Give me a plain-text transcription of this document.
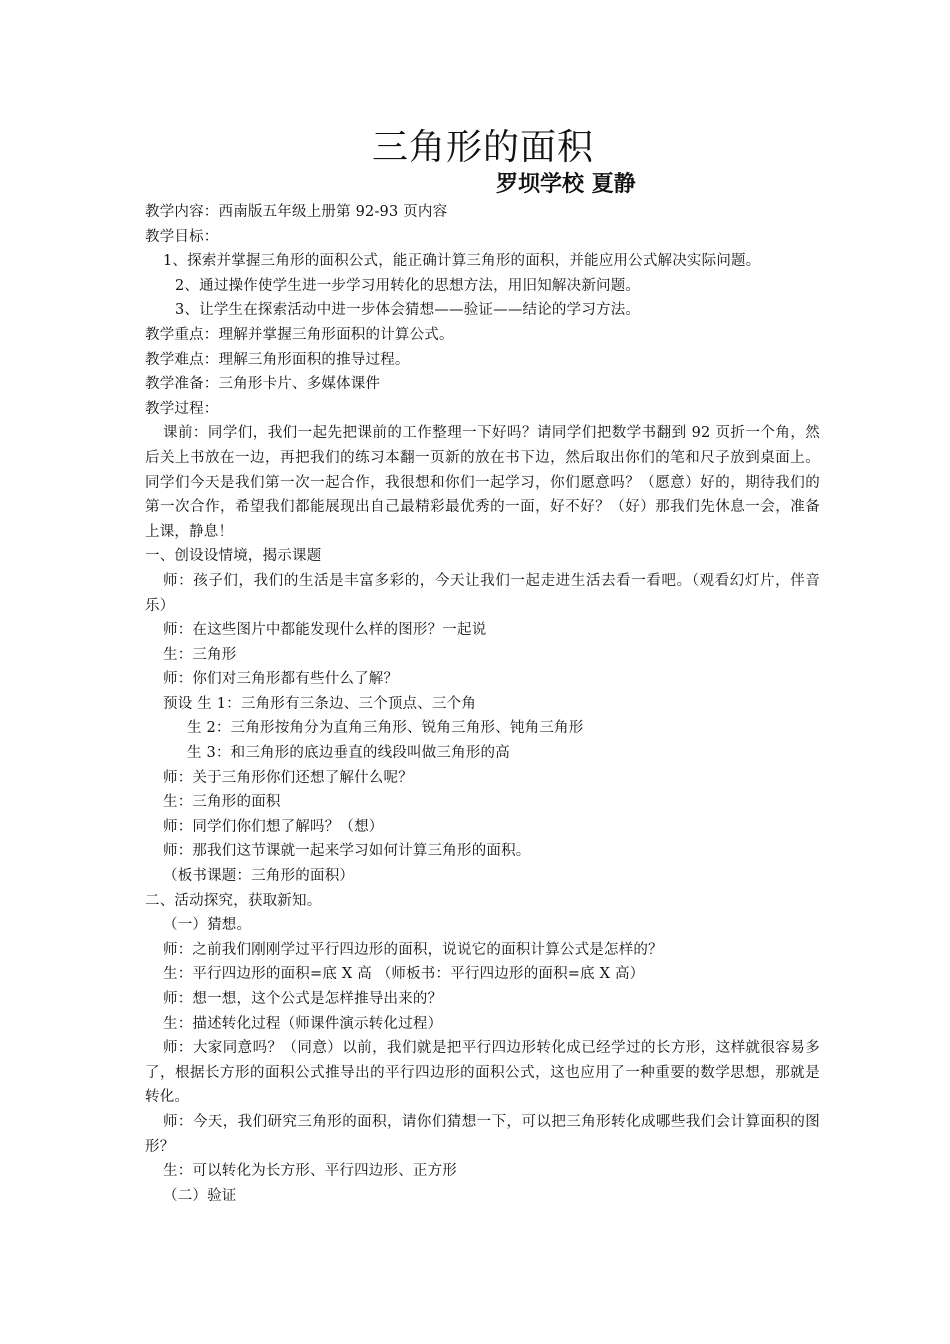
三角形的面积
罗坝学校 夏静
教学内容：西南版五年级上册第 92-93 页内容
教学目标：
1、探索并掌握三角形的面积公式，能正确计算三角形的面积，并能应用公式解决实际问题。
2、通过操作使学生进一步学习用转化的思想方法，用旧知解决新问题。
3、让学生在探索活动中进一步体会猜想——验证——结论的学习方法。
教学重点：理解并掌握三角形面积的计算公式。
教学难点：理解三角形面积的推导过程。
教学准备：三角形卡片、多媒体课件
教学过程：
课前：同学们，我们一起先把课前的工作整理一下好吗？请同学们把数学书翻到 92 页折一个角，然后关上书放在一边，再把我们的练习本翻一页新的放在书下边，然后取出你们的笔和尺子放到桌面上。同学们今天是我们第一次一起合作，我很想和你们一起学习，你们愿意吗？（愿意）好的，期待我们的第一次合作，希望我们都能展现出自己最精彩最优秀的一面，好不好？（好）那我们先休息一会，准备上课，静息！
一、创设设情境，揭示课题
师：孩子们，我们的生活是丰富多彩的，今天让我们一起走进生活去看一看吧。（观看幻灯片，伴音乐）
师：在这些图片中都能发现什么样的图形？一起说
生：三角形
师：你们对三角形都有些什么了解？
预设 生 1：三角形有三条边、三个顶点、三个角
生 2：三角形按角分为直角三角形、锐角三角形、钝角三角形
生 3：和三角形的底边垂直的线段叫做三角形的高
师：关于三角形你们还想了解什么呢？
生：三角形的面积
师：同学们你们想了解吗？（想）
师：那我们这节课就一起来学习如何计算三角形的面积。
（板书课题：三角形的面积）
二、活动探究，获取新知。
（一）猜想。
师：之前我们刚刚学过平行四边形的面积，说说它的面积计算公式是怎样的？
生：平行四边形的面积=底 X 高 （师板书：平行四边形的面积=底 X 高）
师：想一想，这个公式是怎样推导出来的？
生：描述转化过程（师课件演示转化过程）
师：大家同意吗？（同意）以前，我们就是把平行四边形转化成已经学过的长方形，这样就很容易多了，根据长方形的面积公式推导出的平行四边形的面积公式，这也应用了一种重要的数学思想，那就是转化。
师：今天，我们研究三角形的面积，请你们猜想一下，可以把三角形转化成哪些我们会计算面积的图形？
生：可以转化为长方形、平行四边形、正方形
（二）验证
